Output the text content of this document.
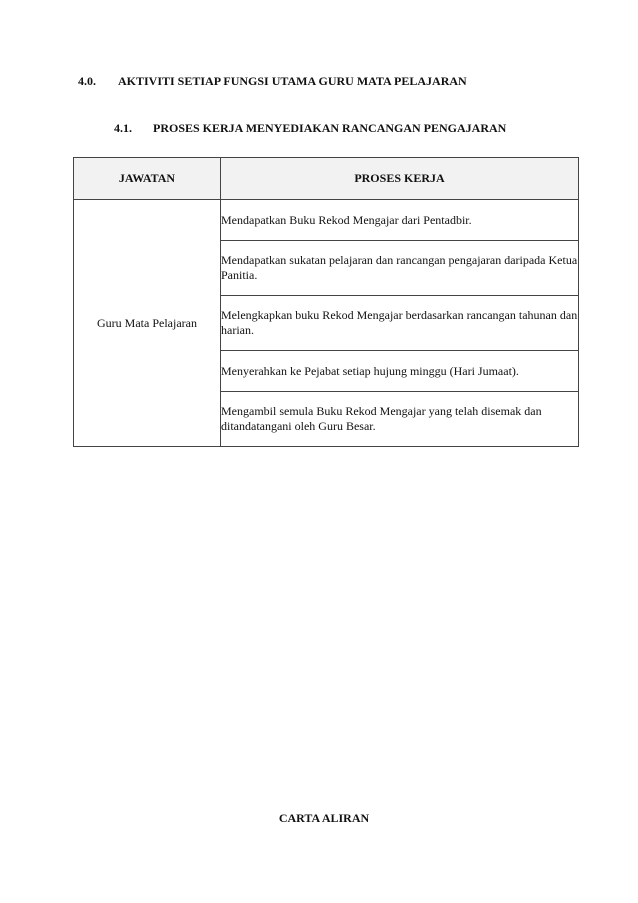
4.0. AKTIVITI SETIAP FUNGSI UTAMA GURU MATA PELAJARAN
4.1. PROSES KERJA MENYEDIAKAN RANCANGAN PENGAJARAN
JAWATAN	PROSES KERJA
Guru Mata Pelajaran	Mendapatkan Buku Rekod Mengajar dari Pentadbir.
	Mendapatkan sukatan pelajaran dan rancangan pengajaran daripada Ketua Panitia.
	Melengkapkan buku Rekod Mengajar berdasarkan rancangan tahunan dan harian.
	Menyerahkan ke Pejabat setiap hujung minggu (Hari Jumaat).
	Mengambil semula Buku Rekod Mengajar yang telah disemak dan ditandatangani oleh Guru Besar.
CARTA ALIRAN
